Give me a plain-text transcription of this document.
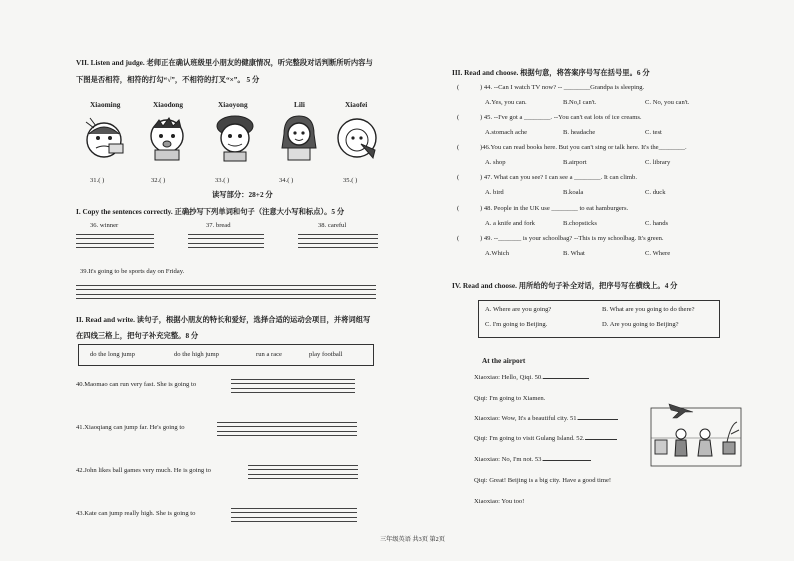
VII. Listen and judge. 老师正在确认班级里小朋友的健康情况，听完整段对话判断所听内容与
下图是否相符，相符的打勾“√”，不相符的打叉“×”。 5 分
Xiaoming	Xiaodong	Xiaoyong	Lili	Xiaofei
31.( )	32.( )	33.( )	34.( )	35.( )
读写部分：28+2 分
I. Copy the sentences correctly. 正确抄写下列单词和句子（注意大小写和标点）。5 分
36. winner	37. bread	38. careful
39.It's going to be sports day on Friday.
II. Read and write. 读句子，根据小朋友的特长和爱好，选择合适的运动会项目，并将词组写
在四线三格上，把句子补充完整。8 分
do the long jump	do the high jump	run a race	play football
40.Maomao can run very fast. She is going to
41.Xiaoqiang can jump far. He's going to
42.John likes ball games very much. He is going to
43.Kate can jump really high. She is going to
III. Read and choose. 根据句意，将答案序号写在括号里。6 分
(	) 44. --Can I watch TV now? -- ________Grandpa is sleeping.
A.Yes, you can.	B.No,I can't.	C. No, you can't.
(	) 45. --I've got a ________. --You can't eat lots of ice creams.
A.stomach ache	B. headache	C. test
(	)46.You can read books here. But you can't sing or talk here. It's the________.
A. shop	B.airport	C. library
(	) 47. What can you see? I can see a ________. It can climb.
A. bird	B.koala	C. duck
(	) 48. People in the UK use ________ to eat hamburgers.
A. a knife and fork	B.chopsticks	C. hands
(	) 49. --_______ is your schoolbag? --This is my schoolbag. It's green.
A.Which	B. What	C. Where
IV. Read and choose. 用所给的句子补全对话，把序号写在横线上。4 分
A. Where are you going?	B. What are you going to do there?
C. I'm going to Beijing.	D. Are you going to Beijing?
At the airport
Xiaoxiao: Hello, Qiqi. 50.
Qiqi: I'm going to Xiamen.
Xiaoxiao: Wow, It's a beautiful city. 51.
Qiqi: I'm going to visit Gulang Island. 52.
Xiaoxiao: No, I'm not. 53.
Qiqi: Great! Beijing is a big city. Have a good time!
Xiaoxiao: You too!
三年级英语 共3页 第2页
